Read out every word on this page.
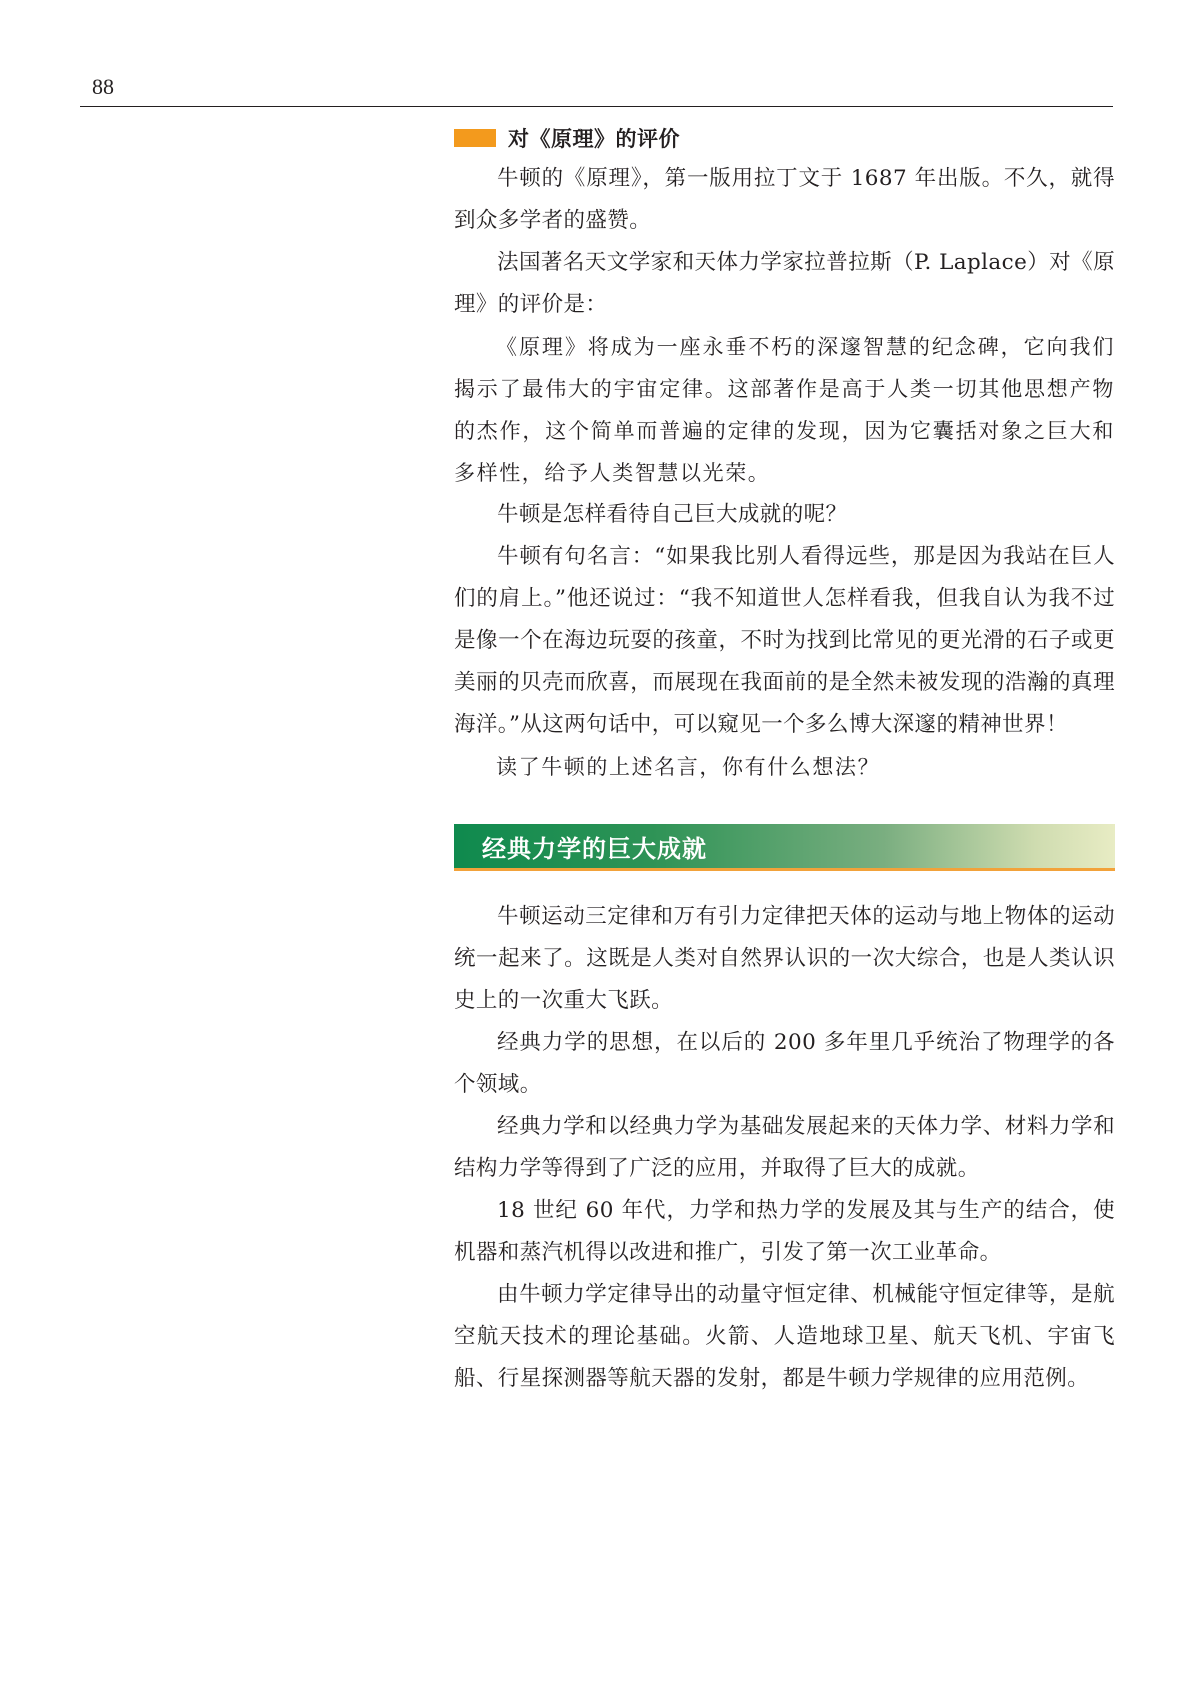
88
对《原理》的评价

牛顿的《原理》，第一版用拉丁文于 1687 年出版。不久，就得到众多学者的盛赞。

法国著名天文学家和天体力学家拉普拉斯（P. Laplace）对《原理》的评价是：

《原理》将成为一座永垂不朽的深邃智慧的纪念碑，它向我们揭示了最伟大的宇宙定律。这部著作是高于人类一切其他思想产物的杰作，这个简单而普遍的定律的发现，因为它囊括对象之巨大和多样性，给予人类智慧以光荣。

牛顿是怎样看待自己巨大成就的呢？

牛顿有句名言：“如果我比别人看得远些，那是因为我站在巨人们的肩上。”他还说过：“我不知道世人怎样看我，但我自认为我不过是像一个在海边玩耍的孩童，不时为找到比常见的更光滑的石子或更美丽的贝壳而欣喜，而展现在我面前的是全然未被发现的浩瀚的真理海洋。”从这两句话中，可以窥见一个多么博大深邃的精神世界！

读了牛顿的上述名言，你有什么想法？

经典力学的巨大成就

牛顿运动三定律和万有引力定律把天体的运动与地上物体的运动统一起来了。这既是人类对自然界认识的一次大综合，也是人类认识史上的一次重大飞跃。

经典力学的思想，在以后的 200 多年里几乎统治了物理学的各个领域。

经典力学和以经典力学为基础发展起来的天体力学、材料力学和结构力学等得到了广泛的应用，并取得了巨大的成就。

18 世纪 60 年代，力学和热力学的发展及其与生产的结合，使机器和蒸汽机得以改进和推广，引发了第一次工业革命。

由牛顿力学定律导出的动量守恒定律、机械能守恒定律等，是航空航天技术的理论基础。火箭、人造地球卫星、航天飞机、宇宙飞船、行星探测器等航天器的发射，都是牛顿力学规律的应用范例。
